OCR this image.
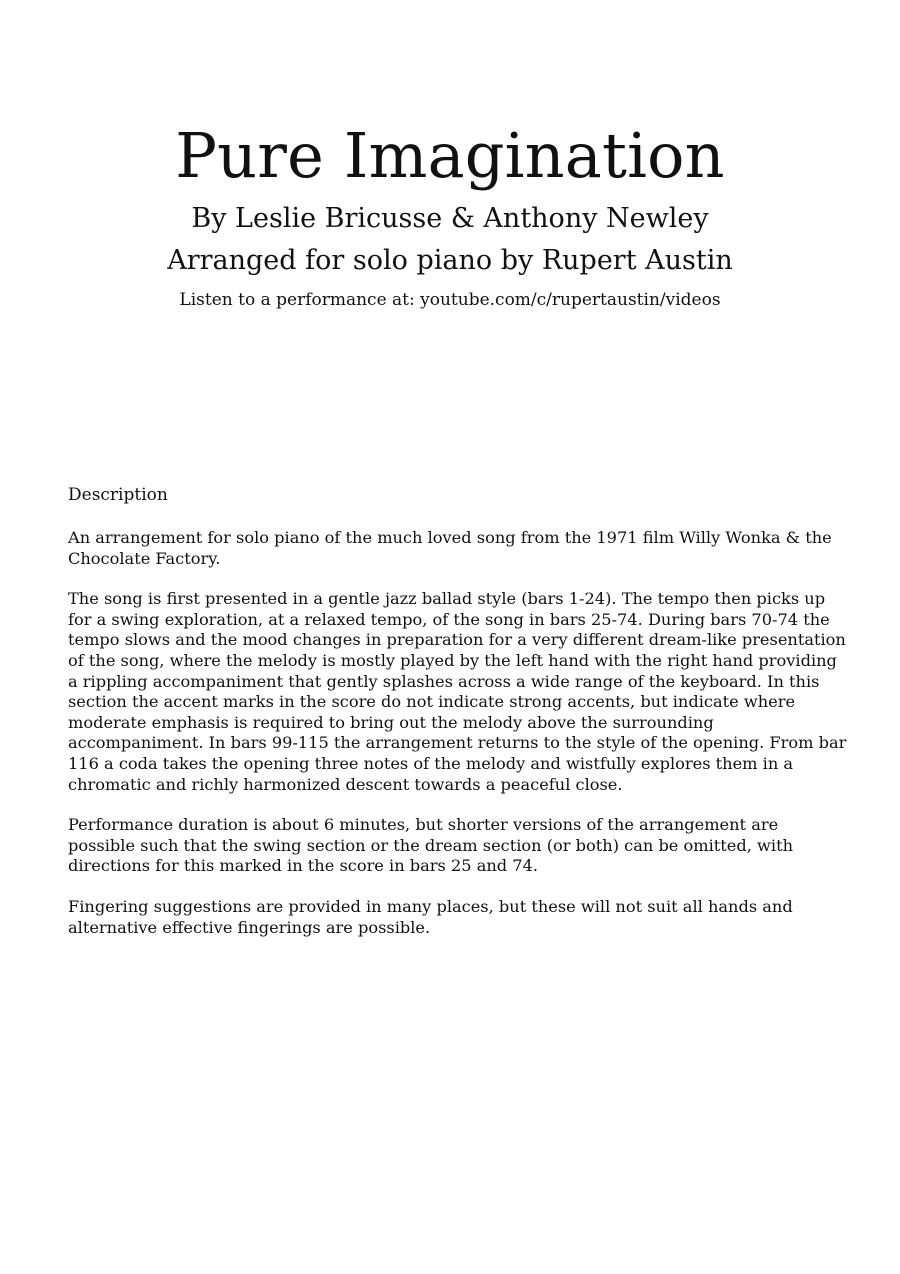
Pure Imagination
By Leslie Bricusse & Anthony Newley
Arranged for solo piano by Rupert Austin
Listen to a performance at: youtube.com/c/rupertaustin/videos
Description

An arrangement for solo piano of the much loved song from the 1971 film Willy Wonka & the Chocolate Factory.

The song is first presented in a gentle jazz ballad style (bars 1-24). The tempo then picks up for a swing exploration, at a relaxed tempo, of the song in bars 25-74. During bars 70-74 the tempo slows and the mood changes in preparation for a very different dream-like presentation of the song, where the melody is mostly played by the left hand with the right hand providing a rippling accompaniment that gently splashes across a wide range of the keyboard. In this section the accent marks in the score do not indicate strong accents, but indicate where moderate emphasis is required to bring out the melody above the surrounding accompaniment. In bars 99-115 the arrangement returns to the style of the opening. From bar 116 a coda takes the opening three notes of the melody and wistfully explores them in a chromatic and richly harmonized descent towards a peaceful close.

Performance duration is about 6 minutes, but shorter versions of the arrangement are possible such that the swing section or the dream section (or both) can be omitted, with directions for this marked in the score in bars 25 and 74.

Fingering suggestions are provided in many places, but these will not suit all hands and alternative effective fingerings are possible.
